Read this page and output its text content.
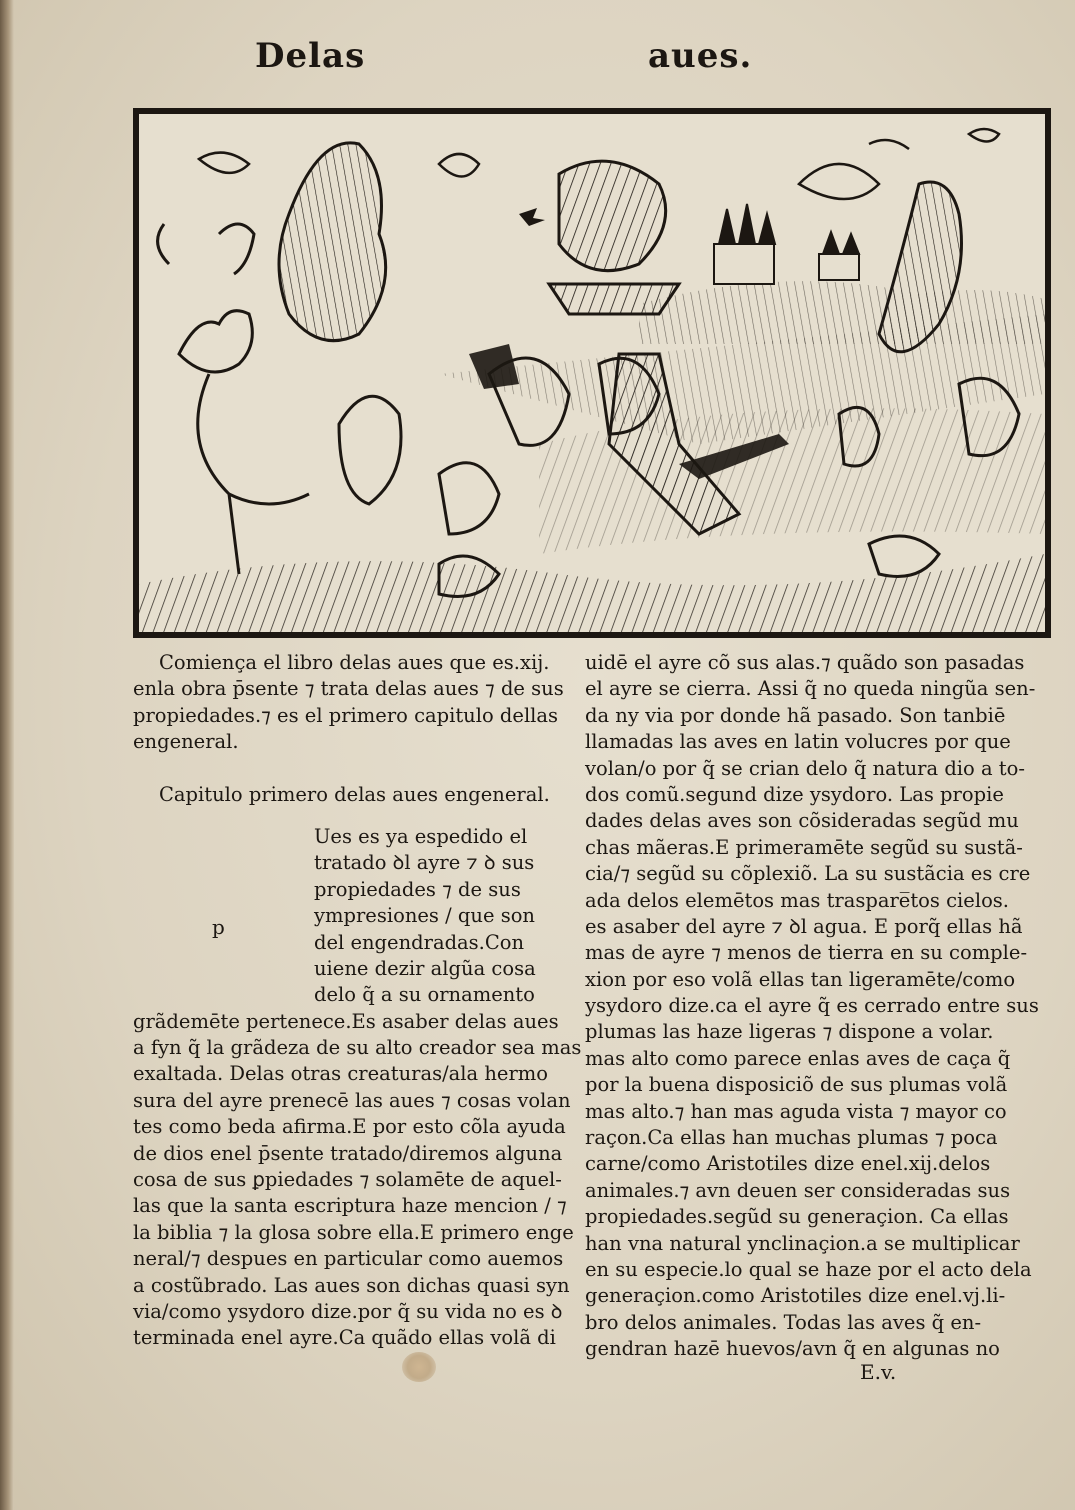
Delas	aues.
Comiença el libro delas aues que es.xij.
enla obra p̄sente ⁊ trata delas aues ⁊ de sus
propiedades.⁊ es el primero capitulo dellas
engeneral.
Capitulo primero delas aues engeneral.
Ues es ya espedido el
tratado ꝺl ayre ⁊ ꝺ sus
propiedades ⁊ de sus
ympresiones / que son
del engendradas.Con
uiene dezir algũa cosa
delo q̃ a su ornamento
grãdemēte pertenece.Es asaber delas aues
a fyn q̃ la grãdeza de su alto creador sea mas
exaltada. Delas otras creaturas/ala hermo
sura del ayre prenecē las aues ⁊ cosas volan
tes como beda afirma.E por esto cõla ayuda
de dios enel p̄sente tratado/diremos alguna
cosa de sus ꝑpiedades ⁊ solamēte de aquel-
las que la santa escriptura haze mencion / ⁊
la biblia ⁊ la glosa sobre ella.E primero enge
neral/⁊ despues en particular como auemos
a costũbrado. Las aues son dichas quasi syn
via/como ysydoro dize.por q̃ su vida no es ꝺ
terminada enel ayre.Ca quãdo ellas volã di
p
uidē el ayre cõ sus alas.⁊ quãdo son pasadas
el ayre se cierra. Assi q̃ no queda ningũa sen-
da ny via por donde hã pasado. Son tanbiē
llamadas las aves en latin volucres por que
volan/o por q̃ se crian delo q̃ natura dio a to-
dos comũ.segund dize ysydoro. Las propie
dades delas aves son cõsideradas segũd mu
chas mãeras.E primeramēte segũd su sustã-
cia/⁊ segũd su cõplexiõ. La su sustãcia es cre
ada delos elemētos mas traspare̅tos cielos.
es asaber del ayre ⁊ ꝺl agua. E porq̃ ellas hã
mas de ayre ⁊ menos de tierra en su comple-
xion por eso volã ellas tan ligeramēte/como
ysydoro dize.ca el ayre q̃ es cerrado entre sus
plumas las haze ligeras ⁊ dispone a volar.
mas alto como parece enlas aves de caça q̃
por la buena disposiciõ de sus plumas volã
mas alto.⁊ han mas aguda vista ⁊ mayor co
raçon.Ca ellas han muchas plumas ⁊ poca
carne/como Aristotiles dize enel.xij.delos
animales.⁊ avn deuen ser consideradas sus
propiedades.segũd su generaçion. Ca ellas
han vna natural ynclinaçion.a se multiplicar
en su especie.lo qual se haze por el acto dela
generaçion.como Aristotiles dize enel.vj.li-
bro delos animales. Todas las aves q̃ en-
gendran hazē huevos/avn q̃ en algunas no
E.v.
